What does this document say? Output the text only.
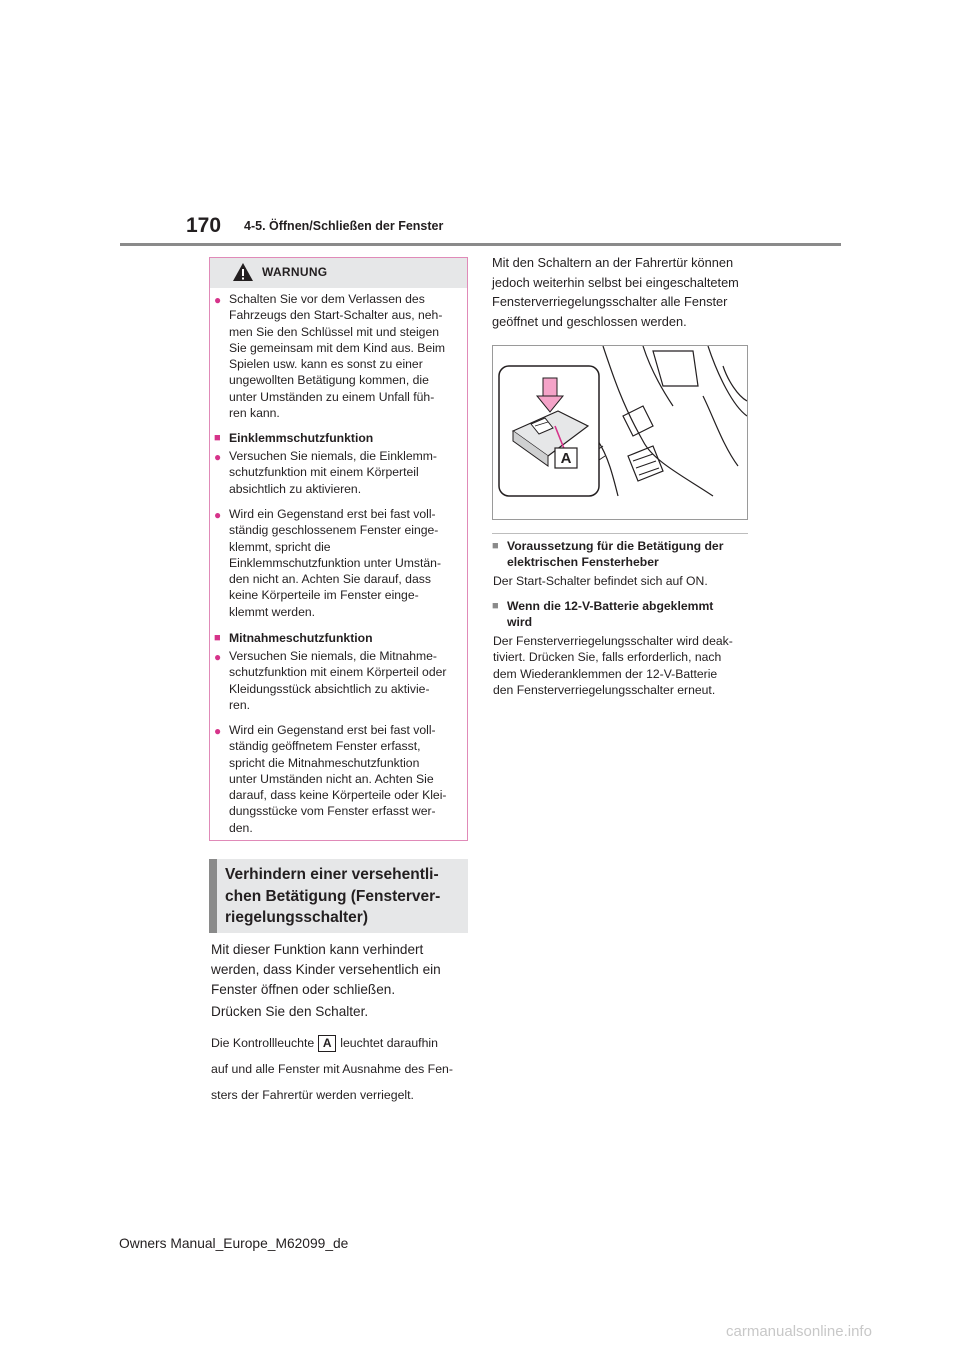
170 4-5. Öffnen/Schließen der Fenster
WARNUNG
● Schalten Sie vor dem Verlassen des
Fahrzeugs den Start-Schalter aus, neh-
men Sie den Schlüssel mit und steigen
Sie gemeinsam mit dem Kind aus. Beim
Spielen usw. kann es sonst zu einer
ungewollten Betätigung kommen, die
unter Umständen zu einem Unfall füh-
ren kann.
■ Einklemmschutzfunktion
● Versuchen Sie niemals, die Einklemm-
schutzfunktion mit einem Körperteil
absichtlich zu aktivieren.
● Wird ein Gegenstand erst bei fast voll-
ständig geschlossenem Fenster einge-
klemmt, spricht die
Einklemmschutzfunktion unter Umstän-
den nicht an. Achten Sie darauf, dass
keine Körperteile im Fenster einge-
klemmt werden.
■ Mitnahmeschutzfunktion
● Versuchen Sie niemals, die Mitnahme-
schutzfunktion mit einem Körperteil oder
Kleidungsstück absichtlich zu aktivie-
ren.
● Wird ein Gegenstand erst bei fast voll-
ständig geöffnetem Fenster erfasst,
spricht die Mitnahmeschutzfunktion
unter Umständen nicht an. Achten Sie
darauf, dass keine Körperteile oder Klei-
dungsstücke vom Fenster erfasst wer-
den.
Verhindern einer versehentli-
chen Betätigung (Fensterver-
riegelungsschalter)
Mit dieser Funktion kann verhindert
werden, dass Kinder versehentlich ein
Fenster öffnen oder schließen.
Drücken Sie den Schalter.
Die Kontrollleuchte A leuchtet daraufhin
auf und alle Fenster mit Ausnahme des Fen-
sters der Fahrertür werden verriegelt.
Mit den Schaltern an der Fahrertür können
jedoch weiterhin selbst bei eingeschaltetem
Fensterverriegelungsschalter alle Fenster
geöffnet und geschlossen werden.
A
■ Voraussetzung für die Betätigung der
elektrischen Fensterheber
Der Start-Schalter befindet sich auf ON.
■ Wenn die 12-V-Batterie abgeklemmt
wird
Der Fensterverriegelungsschalter wird deak-
tiviert. Drücken Sie, falls erforderlich, nach
dem Wiederanklemmen der 12-V-Batterie
den Fensterverriegelungsschalter erneut.
Owners Manual_Europe_M62099_de
carmanualsonline.info
